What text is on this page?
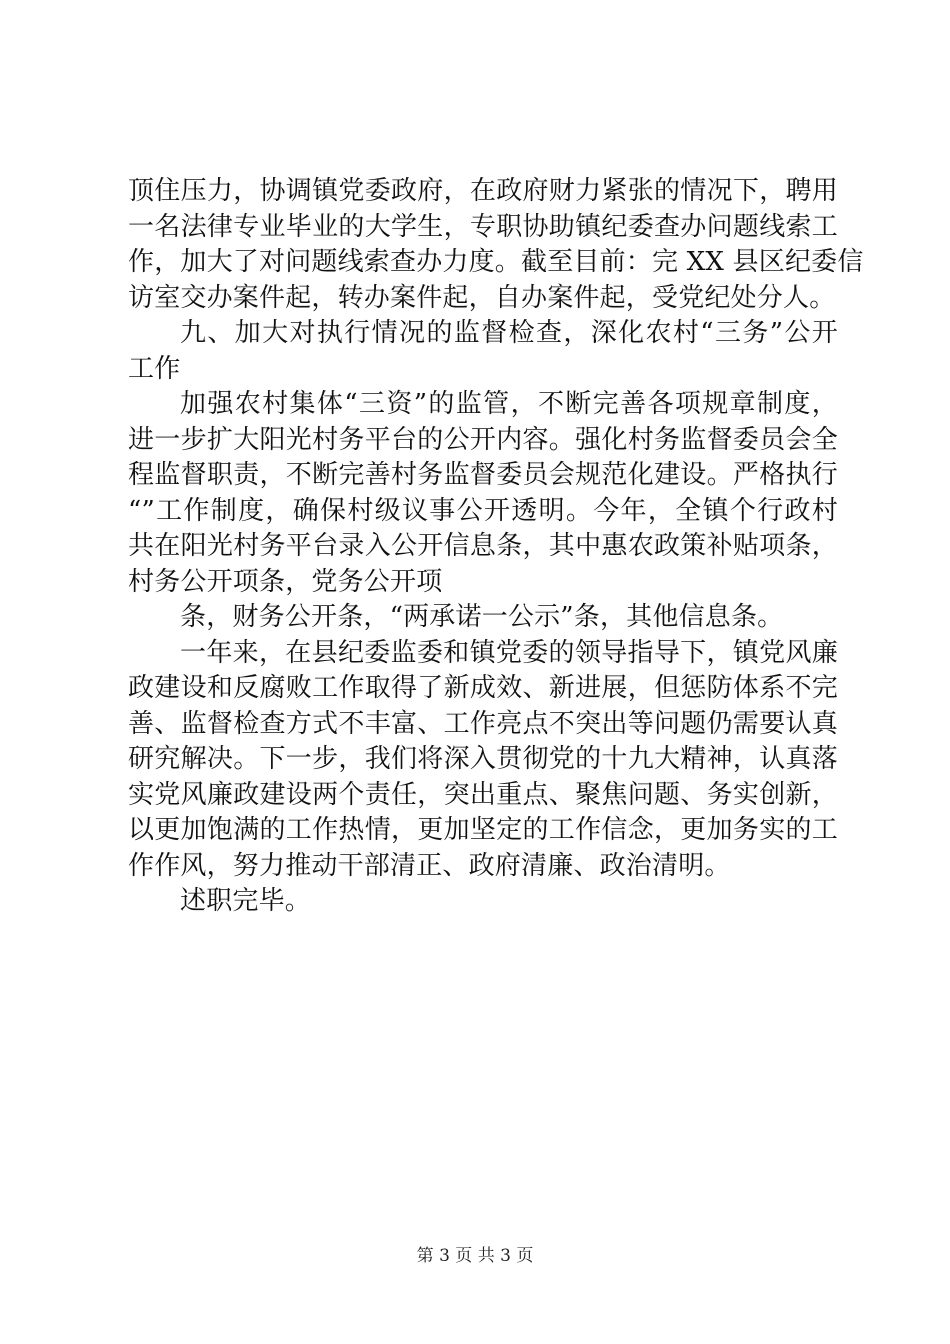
顶住压力，协调镇党委政府，在政府财力紧张的情况下，聘用
一名法律专业毕业的大学生，专职协助镇纪委查办问题线索工
作，加大了对问题线索查办力度。截至目前：完 XX 县区纪委信
访室交办案件起，转办案件起，自办案件起，受党纪处分人。
九、加大对执行情况的监督检查，深化农村“三务”公开
工作
加强农村集体“三资”的监管，不断完善各项规章制度，
进一步扩大阳光村务平台的公开内容。强化村务监督委员会全
程监督职责，不断完善村务监督委员会规范化建设。严格执行
“”工作制度，确保村级议事公开透明。今年，全镇个行政村
共在阳光村务平台录入公开信息条，其中惠农政策补贴项条，
村务公开项条，党务公开项
条，财务公开条，“两承诺一公示”条，其他信息条。
一年来，在县纪委监委和镇党委的领导指导下，镇党风廉
政建设和反腐败工作取得了新成效、新进展，但惩防体系不完
善、监督检查方式不丰富、工作亮点不突出等问题仍需要认真
研究解决。下一步，我们将深入贯彻党的十九大精神，认真落
实党风廉政建设两个责任，突出重点、聚焦问题、务实创新，
以更加饱满的工作热情，更加坚定的工作信念，更加务实的工
作作风，努力推动干部清正、政府清廉、政治清明。
述职完毕。
第 3 页 共 3 页
